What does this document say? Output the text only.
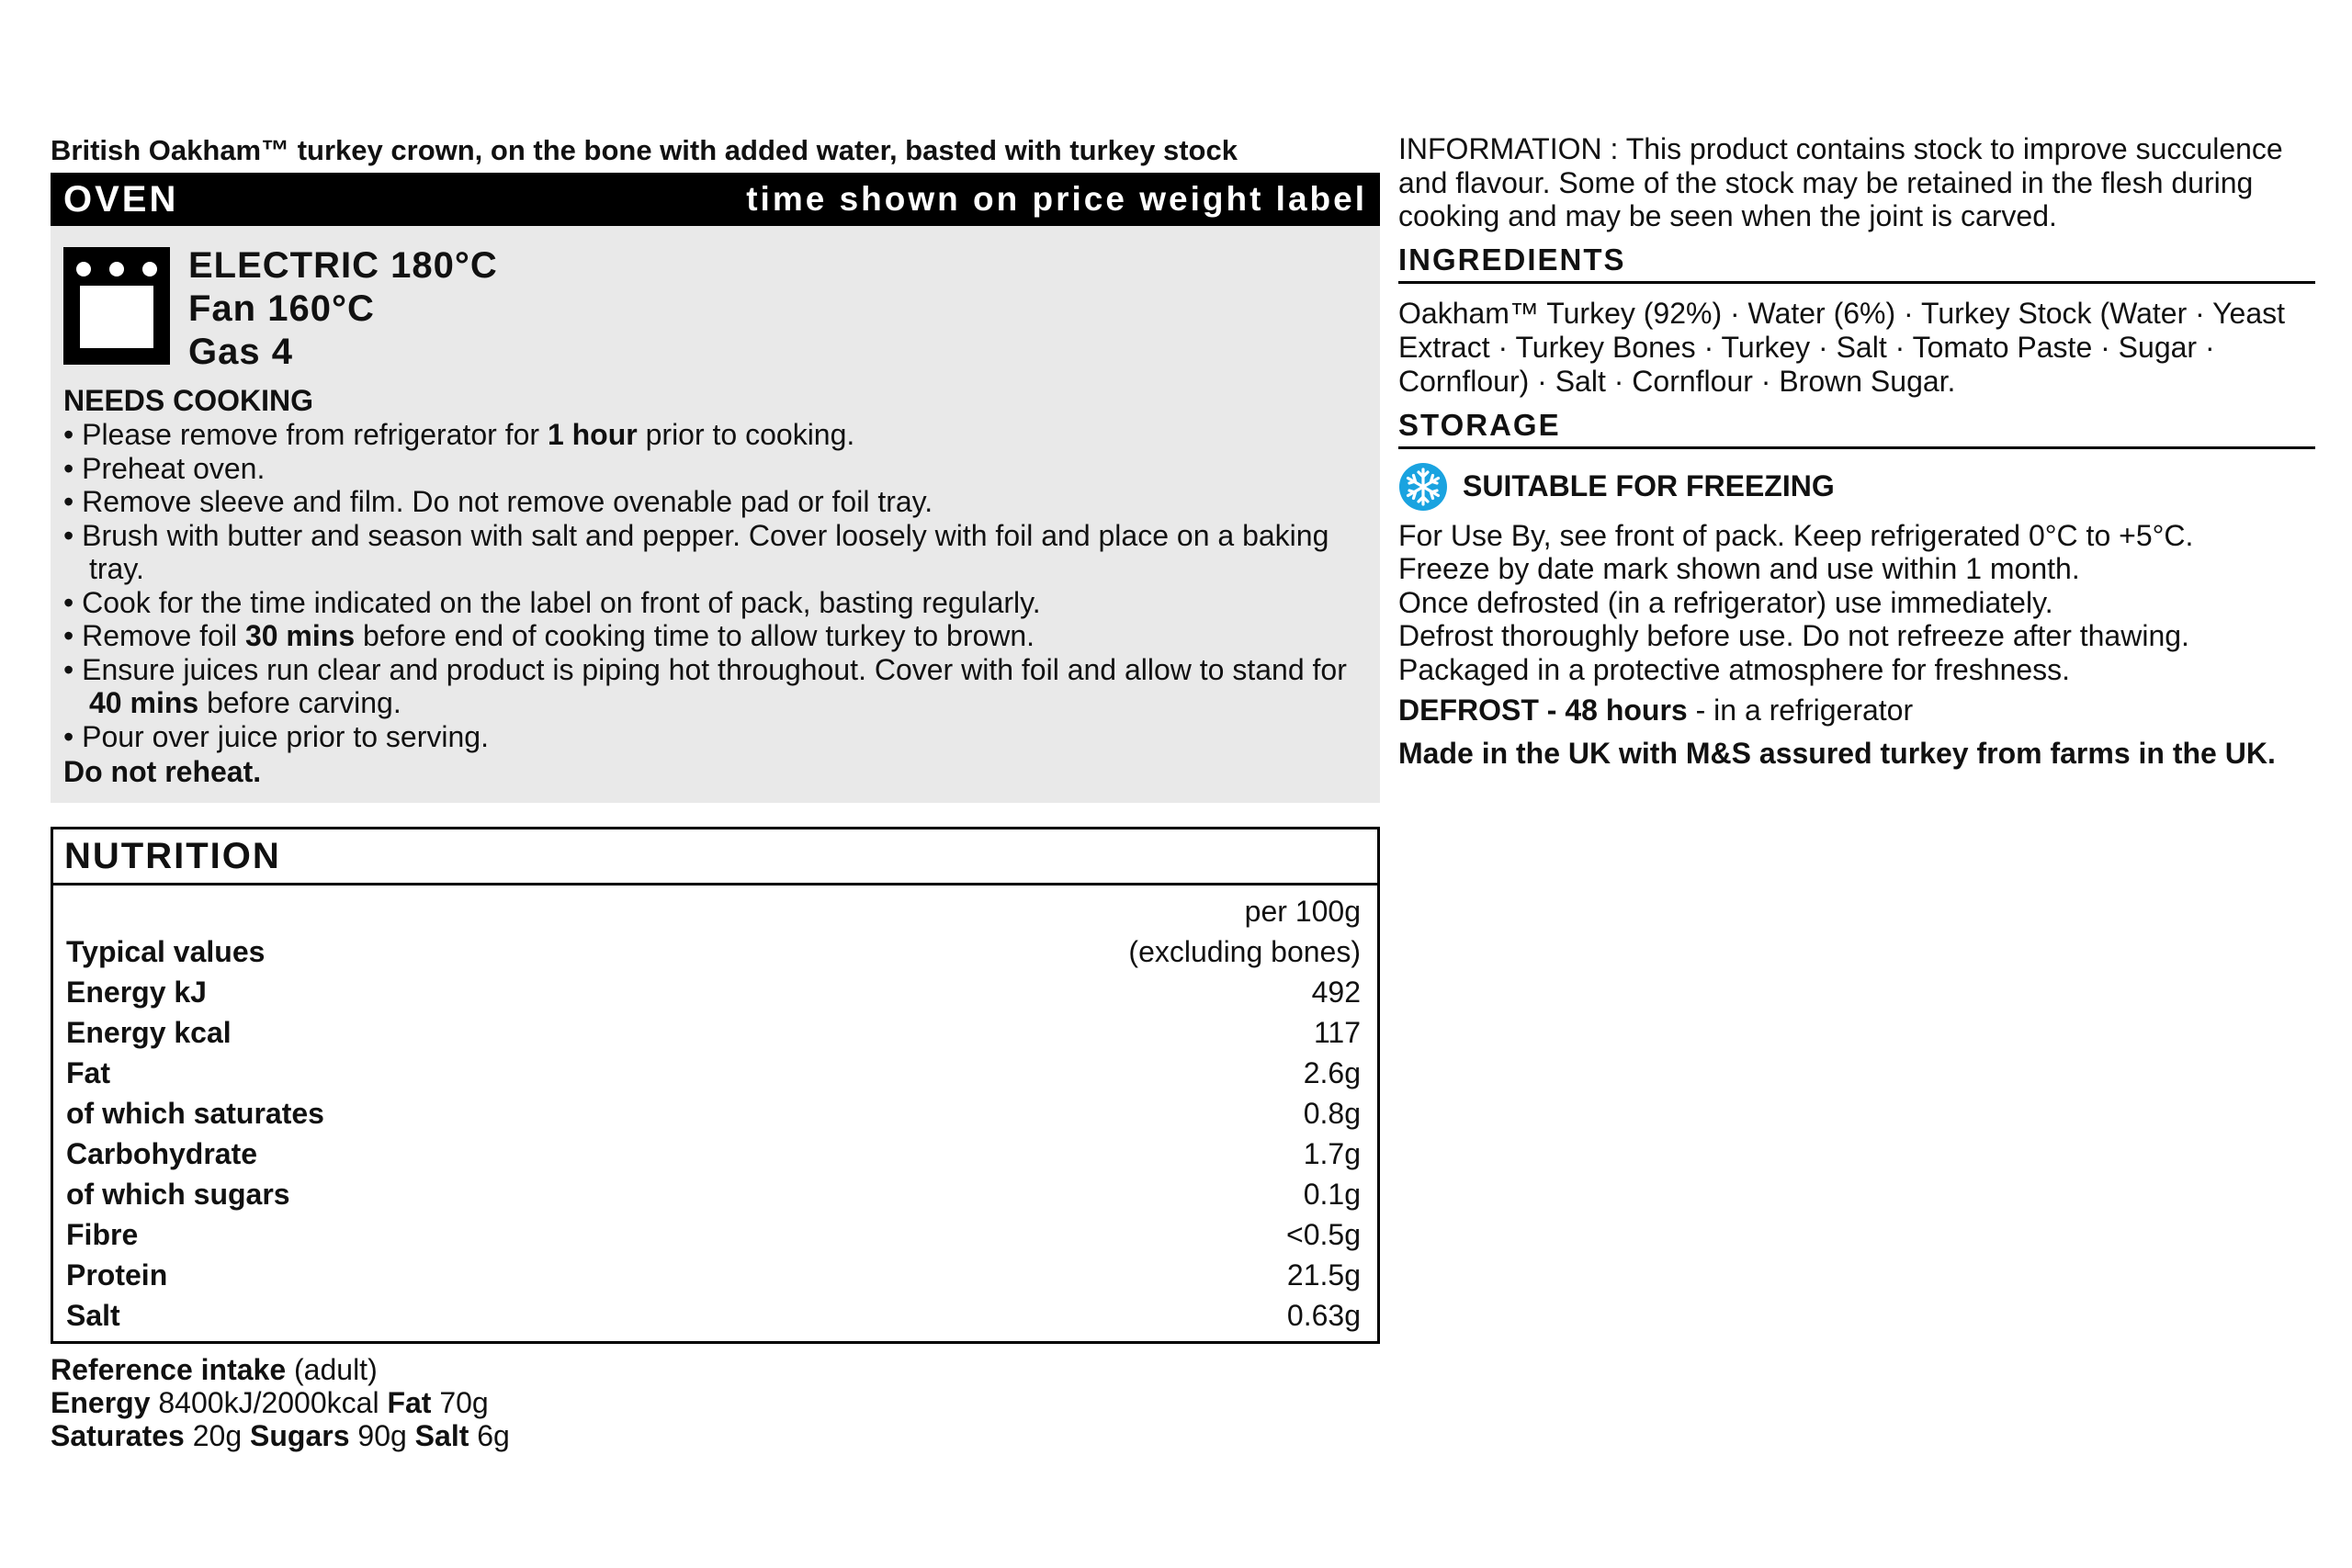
British Oakham™ turkey crown, on the bone with added water, basted with turkey stock
OVEN	time shown on price weight label
ELECTRIC 180°C
Fan 160°C
Gas 4
NEEDS COOKING
• Please remove from refrigerator for 1 hour prior to cooking.
• Preheat oven.
• Remove sleeve and film. Do not remove ovenable pad or foil tray.
• Brush with butter and season with salt and pepper. Cover loosely with foil and place on a baking tray.
• Cook for the time indicated on the label on front of pack, basting regularly.
• Remove foil 30 mins before end of cooking time to allow turkey to brown.
• Ensure juices run clear and product is piping hot throughout. Cover with foil and allow to stand for 40 mins before carving.
• Pour over juice prior to serving.
Do not reheat.
NUTRITION
per 100g
Typical values	(excluding bones)
Energy kJ	492
Energy kcal	117
Fat	2.6g
of which saturates	0.8g
Carbohydrate	1.7g
of which sugars	0.1g
Fibre	<0.5g
Protein	21.5g
Salt	0.63g
Reference intake (adult)
Energy 8400kJ/2000kcal Fat 70g
Saturates 20g Sugars 90g Salt 6g
INFORMATION : This product contains stock to improve succulence and flavour. Some of the stock may be retained in the flesh during cooking and may be seen when the joint is carved.
INGREDIENTS
Oakham™ Turkey (92%) · Water (6%) · Turkey Stock (Water · Yeast Extract · Turkey Bones · Turkey · Salt · Tomato Paste · Sugar · Cornflour) · Salt · Cornflour · Brown Sugar.
STORAGE
SUITABLE FOR FREEZING
For Use By, see front of pack. Keep refrigerated 0°C to +5°C.
Freeze by date mark shown and use within 1 month.
Once defrosted (in a refrigerator) use immediately.
Defrost thoroughly before use. Do not refreeze after thawing. Packaged in a protective atmosphere for freshness.
DEFROST - 48 hours - in a refrigerator
Made in the UK with M&S assured turkey from farms in the UK.
